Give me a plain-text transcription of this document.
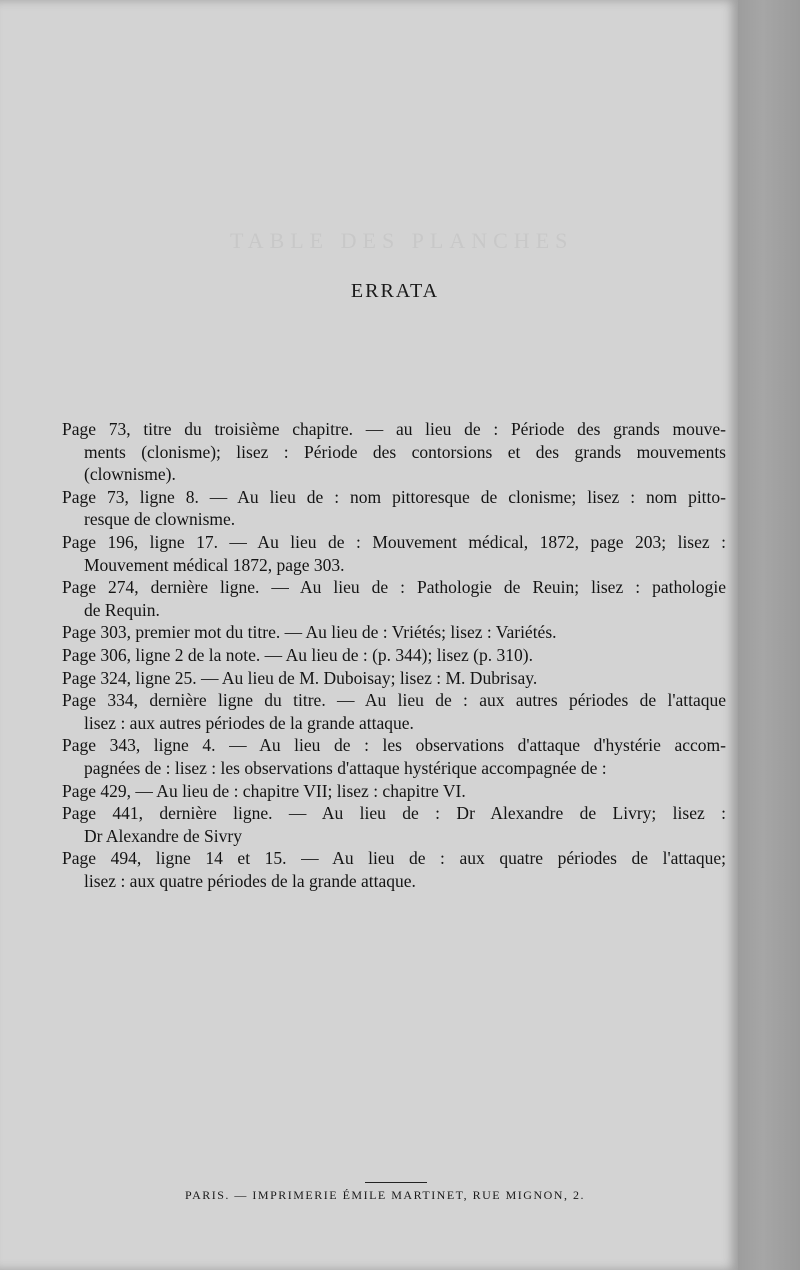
TABLE DES PLANCHES
ERRATA
Page 73, titre du troisième chapitre. — au lieu de : Période des grands mouve-
ments (clonisme); lisez : Période des contorsions et des grands mouvements
(clownisme).
Page 73, ligne 8. — Au lieu de : nom pittoresque de clonisme; lisez : nom pitto-
resque de clownisme.
Page 196, ligne 17. — Au lieu de : Mouvement médical, 1872, page 203; lisez :
Mouvement médical 1872, page 303.
Page 274, dernière ligne. — Au lieu de : Pathologie de Reuin; lisez : pathologie
de Requin.
Page 303, premier mot du titre. — Au lieu de : Vriétés; lisez : Variétés.
Page 306, ligne 2 de la note. — Au lieu de : (p. 344); lisez (p. 310).
Page 324, ligne 25. — Au lieu de M. Duboisay; lisez : M. Dubrisay.
Page 334, dernière ligne du titre. — Au lieu de : aux autres périodes de l'attaque
lisez : aux autres périodes de la grande attaque.
Page 343, ligne 4. — Au lieu de : les observations d'attaque d'hystérie accom-
pagnées de : lisez : les observations d'attaque hystérique accompagnée de :
Page 429, — Au lieu de : chapitre VII; lisez : chapitre VI.
Page 441, dernière ligne. — Au lieu de : Dr Alexandre de Livry; lisez :
Dr Alexandre de Sivry
Page 494, ligne 14 et 15. — Au lieu de : aux quatre périodes de l'attaque;
lisez : aux quatre périodes de la grande attaque.
PARIS. — IMPRIMERIE ÉMILE MARTINET, RUE MIGNON, 2.
